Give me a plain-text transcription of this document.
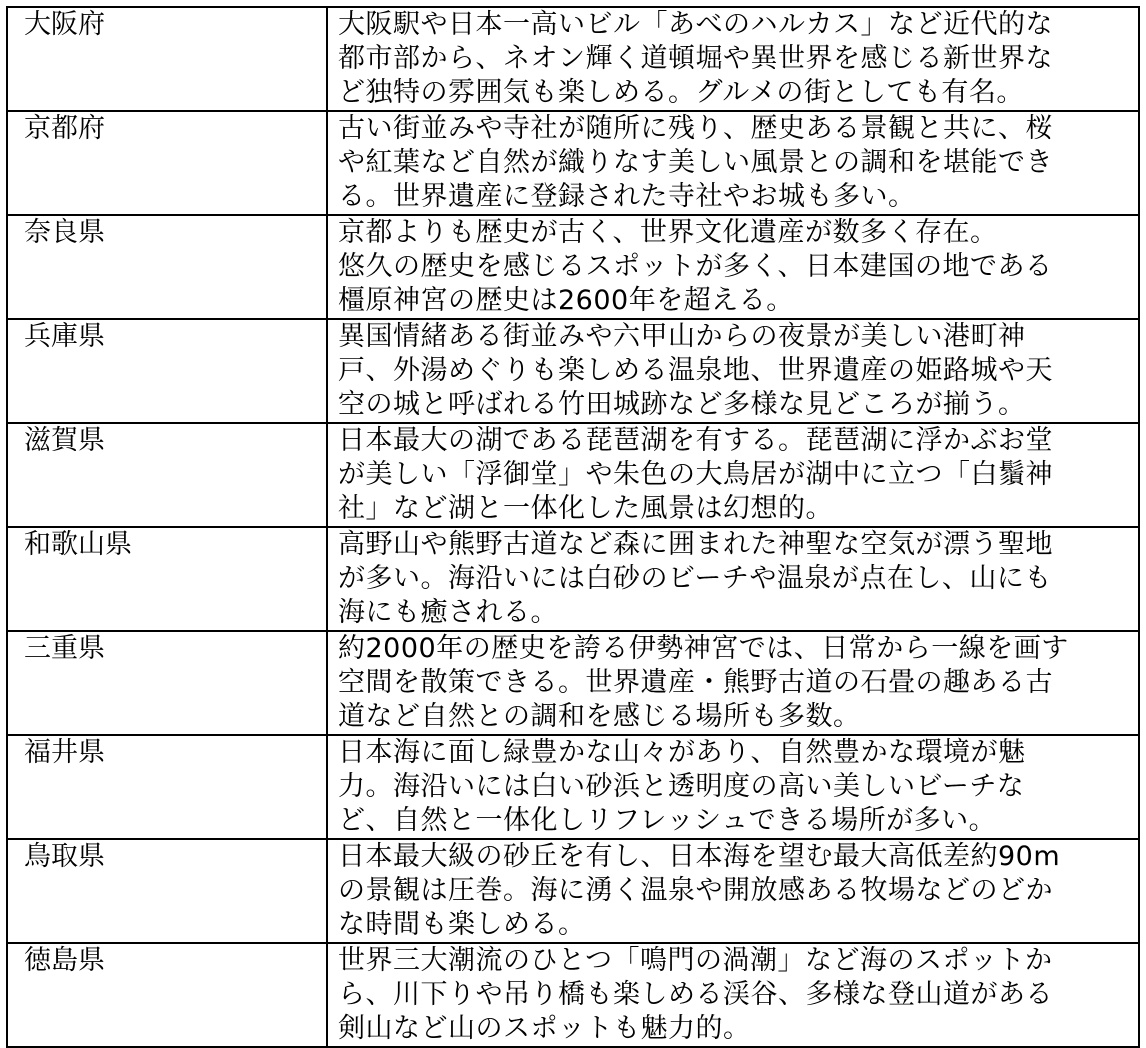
大阪府	大阪駅や日本一高いビル「あべのハルカス」など近代的な
都市部から、ネオン輝く道頓堀や異世界を感じる新世界な
ど独特の雰囲気も楽しめる。グルメの街としても有名。
京都府	古い街並みや寺社が随所に残り、歴史ある景観と共に、桜
や紅葉など自然が織りなす美しい風景との調和を堪能でき
る。世界遺産に登録された寺社やお城も多い。
奈良県	京都よりも歴史が古く、世界文化遺産が数多く存在。
悠久の歴史を感じるスポットが多く、日本建国の地である
橿原神宮の歴史は2600年を超える。
兵庫県	異国情緒ある街並みや六甲山からの夜景が美しい港町神
戸、外湯めぐりも楽しめる温泉地、世界遺産の姫路城や天
空の城と呼ばれる竹田城跡など多様な見どころが揃う。
滋賀県	日本最大の湖である琵琶湖を有する。琵琶湖に浮かぶお堂
が美しい「浮御堂」や朱色の大鳥居が湖中に立つ「白鬚神
社」など湖と一体化した風景は幻想的。
和歌山県	高野山や熊野古道など森に囲まれた神聖な空気が漂う聖地
が多い。海沿いには白砂のビーチや温泉が点在し、山にも
海にも癒される。
三重県	約2000年の歴史を誇る伊勢神宮では、日常から一線を画す
空間を散策できる。世界遺産・熊野古道の石畳の趣ある古
道など自然との調和を感じる場所も多数。
福井県	日本海に面し緑豊かな山々があり、自然豊かな環境が魅
力。海沿いには白い砂浜と透明度の高い美しいビーチな
ど、自然と一体化しリフレッシュできる場所が多い。
鳥取県	日本最大級の砂丘を有し、日本海を望む最大高低差約90m
の景観は圧巻。海に湧く温泉や開放感ある牧場などのどか
な時間も楽しめる。
徳島県	世界三大潮流のひとつ「鳴門の渦潮」など海のスポットか
ら、川下りや吊り橋も楽しめる渓谷、多様な登山道がある
剣山など山のスポットも魅力的。
